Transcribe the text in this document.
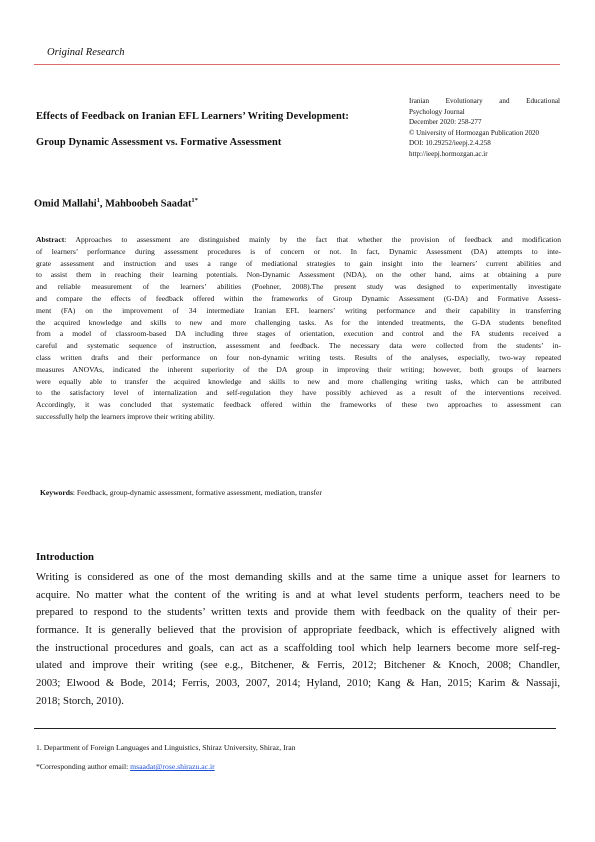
Original Research
Effects of Feedback on Iranian EFL Learners’ Writing Development:
Group Dynamic Assessment vs. Formative Assessment
Iranian Evolutionary and Educational
Psychology Journal
December 2020: 258-277
© University of Hormozgan Publication 2020
DOI: 10.29252/ieepj.2.4.258
http://ieepj.hormozgan.ac.ir
Omid Mallahi$^1$, Mahboobeh Saadat$^{1*}$
Abstract: Approaches to assessment are distinguished mainly by the fact that whether the provision of feedback and modification
of learners’ performance during assessment procedures is of concern or not. In fact, Dynamic Assessment (DA) attempts to inte-
grate assessment and instruction and uses a range of mediational strategies to gain insight into the learners’ current abilities and
to assist them in reaching their learning potentials. Non-Dynamic Assessment (NDA), on the other hand, aims at obtaining a pure
and reliable measurement of the learners’ abilities (Poehner, 2008).The present study was designed to experimentally investigate
and compare the effects of feedback offered within the frameworks of Group Dynamic Assessment (G-DA) and Formative Assess-
ment (FA) on the improvement of 34 intermediate Iranian EFL learners’ writing performance and their capability in transferring
the acquired knowledge and skills to new and more challenging tasks. As for the intended treatments, the G-DA students benefited
from a model of classroom-based DA including three stages of orientation, execution and control and the FA students received a
careful and systematic sequence of instruction, assessment and feedback. The necessary data were collected from the students’ in-
class written drafts and their performance on four non-dynamic writing tests. Results of the analyses, especially, two-way repeated
measures ANOVAs, indicated the inherent superiority of the DA group in improving their writing; however, both groups of learners
were equally able to transfer the acquired knowledge and skills to new and more challenging writing tasks, which can be attributed
to the satisfactory level of internalization and self-regulation they have possibly achieved as a result of the interventions received.
Accordingly, it was concluded that systematic feedback offered within the frameworks of these two approaches to assessment can
successfully help the learners improve their writing ability.
Keywords: Feedback, group-dynamic assessment, formative assessment, mediation, transfer
Introduction
Writing is considered as one of the most demanding skills and at the same time a unique asset for learners to
acquire. No matter what the content of the writing is and at what level students perform, teachers need to be
prepared to respond to the students’ written texts and provide them with feedback on the quality of their per-
formance. It is generally believed that the provision of appropriate feedback, which is effectively aligned with
the instructional procedures and goals, can act as a scaffolding tool which help learners become more self-reg-
ulated and improve their writing (see e.g., Bitchener, & Ferris, 2012; Bitchener & Knoch, 2008; Chandler,
2003; Elwood & Bode, 2014; Ferris, 2003, 2007, 2014; Hyland, 2010; Kang & Han, 2015; Karim & Nassaji,
2018; Storch, 2010).
1. Department of Foreign Languages and Linguistics, Shiraz University, Shiraz, Iran
*Corresponding author email: msaadat@rose.shirazu.ac.ir
